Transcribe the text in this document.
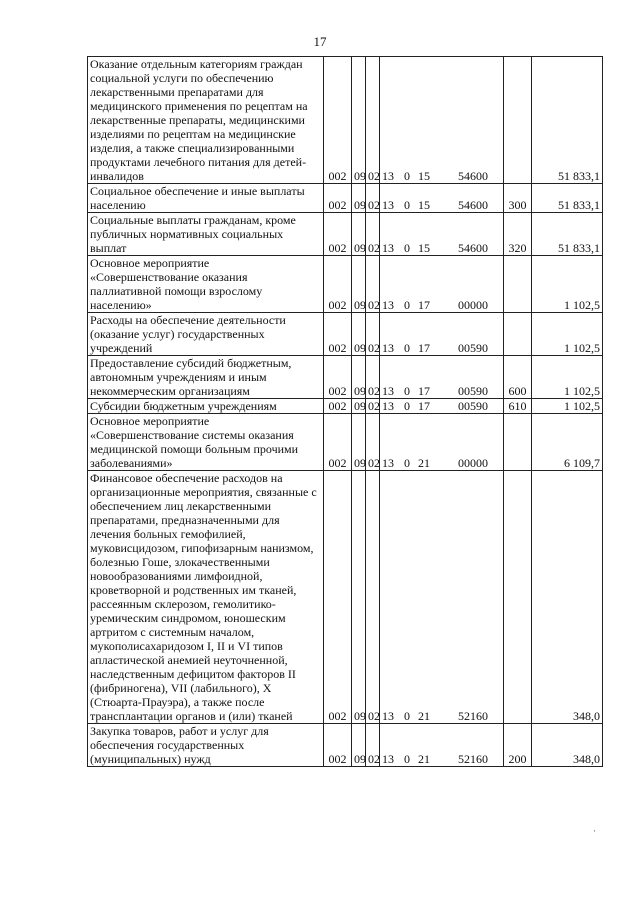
17
Оказание отдельным категориям граждан социальной услуги по обеспечению лекарственными препаратами для медицинского применения по рецептам на лекарственные препараты, медицинскими изделиями по рецептам на медицинские изделия, а также специализированными продуктами лечебного питания для детей-инвалидов	002	09	02	13 0 15 54600		51 833,1
Социальное обеспечение и иные выплаты населению	002	09	02	13 0 15 54600	300	51 833,1
Социальные выплаты гражданам, кроме публичных нормативных социальных выплат	002	09	02	13 0 15 54600	320	51 833,1
Основное мероприятие «Совершенствование оказания паллиативной помощи взрослому населению»	002	09	02	13 0 17 00000		1 102,5
Расходы на обеспечение деятельности (оказание услуг) государственных учреждений	002	09	02	13 0 17 00590		1 102,5
Предоставление субсидий бюджетным, автономным учреждениям и иным некоммерческим организациям	002	09	02	13 0 17 00590	600	1 102,5
Субсидии бюджетным учреждениям	002	09	02	13 0 17 00590	610	1 102,5
Основное мероприятие «Совершенствование системы оказания медицинской помощи больным прочими заболеваниями»	002	09	02	13 0 21 00000		6 109,7
Финансовое обеспечение расходов на организационные мероприятия, связанные с обеспечением лиц лекарственными препаратами, предназначенными для лечения больных гемофилией, муковисцидозом, гипофизарным нанизмом, болезнью Гоше, злокачественными новообразованиями лимфоидной, кроветворной и родственных им тканей, рассеянным склерозом, гемолитико-уремическим синдромом, юношеским артритом с системным началом, мукополисахаридозом I, II и VI типов апластической анемией неуточненной, наследственным дефицитом факторов II (фибриногена), VII (лабильного), X (Стюарта-Прауэра), а также после трансплантации органов и (или) тканей	002	09	02	13 0 21 52160		348,0
Закупка товаров, работ и услуг для обеспечения государственных (муниципальных) нужд	002	09	02	13 0 21 52160	200	348,0
·
